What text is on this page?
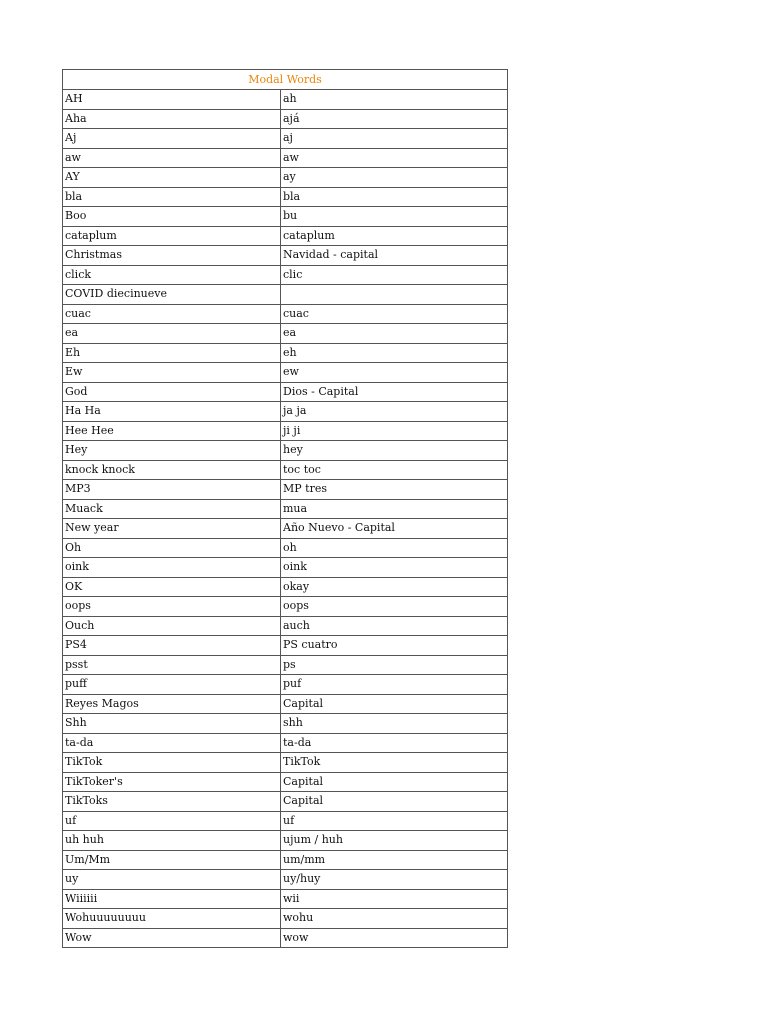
Modal Words	
AH	ah
Aha	ajá
Aj	aj
aw	aw
AY	ay
bla	bla
Boo	bu
cataplum	cataplum
Christmas	Navidad - capital
click	clic
COVID diecinueve	
cuac	cuac
ea	ea
Eh	eh
Ew	ew
God	Dios - Capital
Ha Ha	ja ja
Hee Hee	ji ji
Hey	hey
knock knock	toc toc
MP3	MP tres
Muack	mua
New year	Año Nuevo - Capital
Oh	oh
oink	oink
OK	okay
oops	oops
Ouch	auch
PS4	PS cuatro
psst	ps
puff	puf
Reyes Magos	Capital
Shh	shh
ta-da	ta-da
TikTok	TikTok
TikToker's	Capital
TikToks	Capital
uf	uf
uh huh	ujum / huh
Um/Mm	um/mm
uy	uy/huy
Wiiiiii	wii
Wohuuuuuuuu	wohu
Wow	wow
